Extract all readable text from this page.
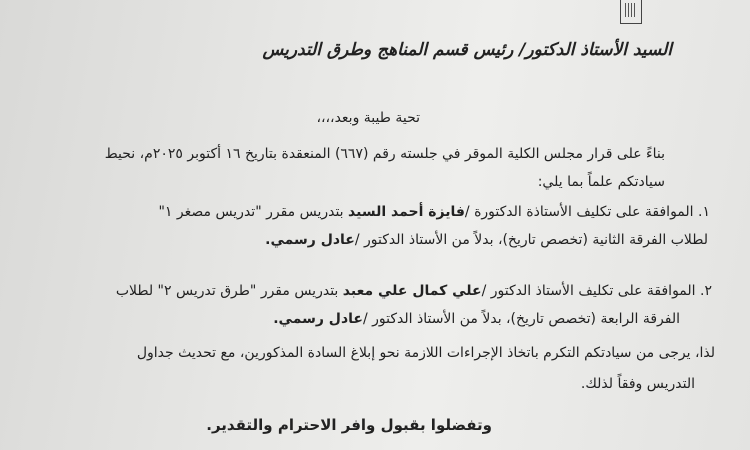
السيد الأستاذ الدكتور/ رئيس قسم المناهج وطرق التدريس

تحية طيبة وبعد،،،،

بناءً على قرار مجلس الكلية الموقر في جلسته رقم (٦٦٧) المنعقدة بتاريخ ١٦ أكتوبر ٢٠٢٥م، نحيط

سيادتكم علماً بما يلي:

١. الموافقة على تكليف الأستاذة الدكتورة /فايزة أحمد السيد بتدريس مقرر "تدريس مصغر ١"

لطلاب الفرقة الثانية (تخصص تاريخ)، بدلاً من الأستاذ الدكتور /عادل رسمي.

٢. الموافقة على تكليف الأستاذ الدكتور /علي كمال علي معبد بتدريس مقرر "طرق تدريس ٢" لطلاب

الفرقة الرابعة (تخصص تاريخ)، بدلاً من الأستاذ الدكتور /عادل رسمي.

لذا، يرجى من سيادتكم التكرم باتخاذ الإجراءات اللازمة نحو إبلاغ السادة المذكورين، مع تحديث جداول

التدريس وفقاً لذلك.

وتفضلوا بقبول وافر الاحترام والتقدير.
